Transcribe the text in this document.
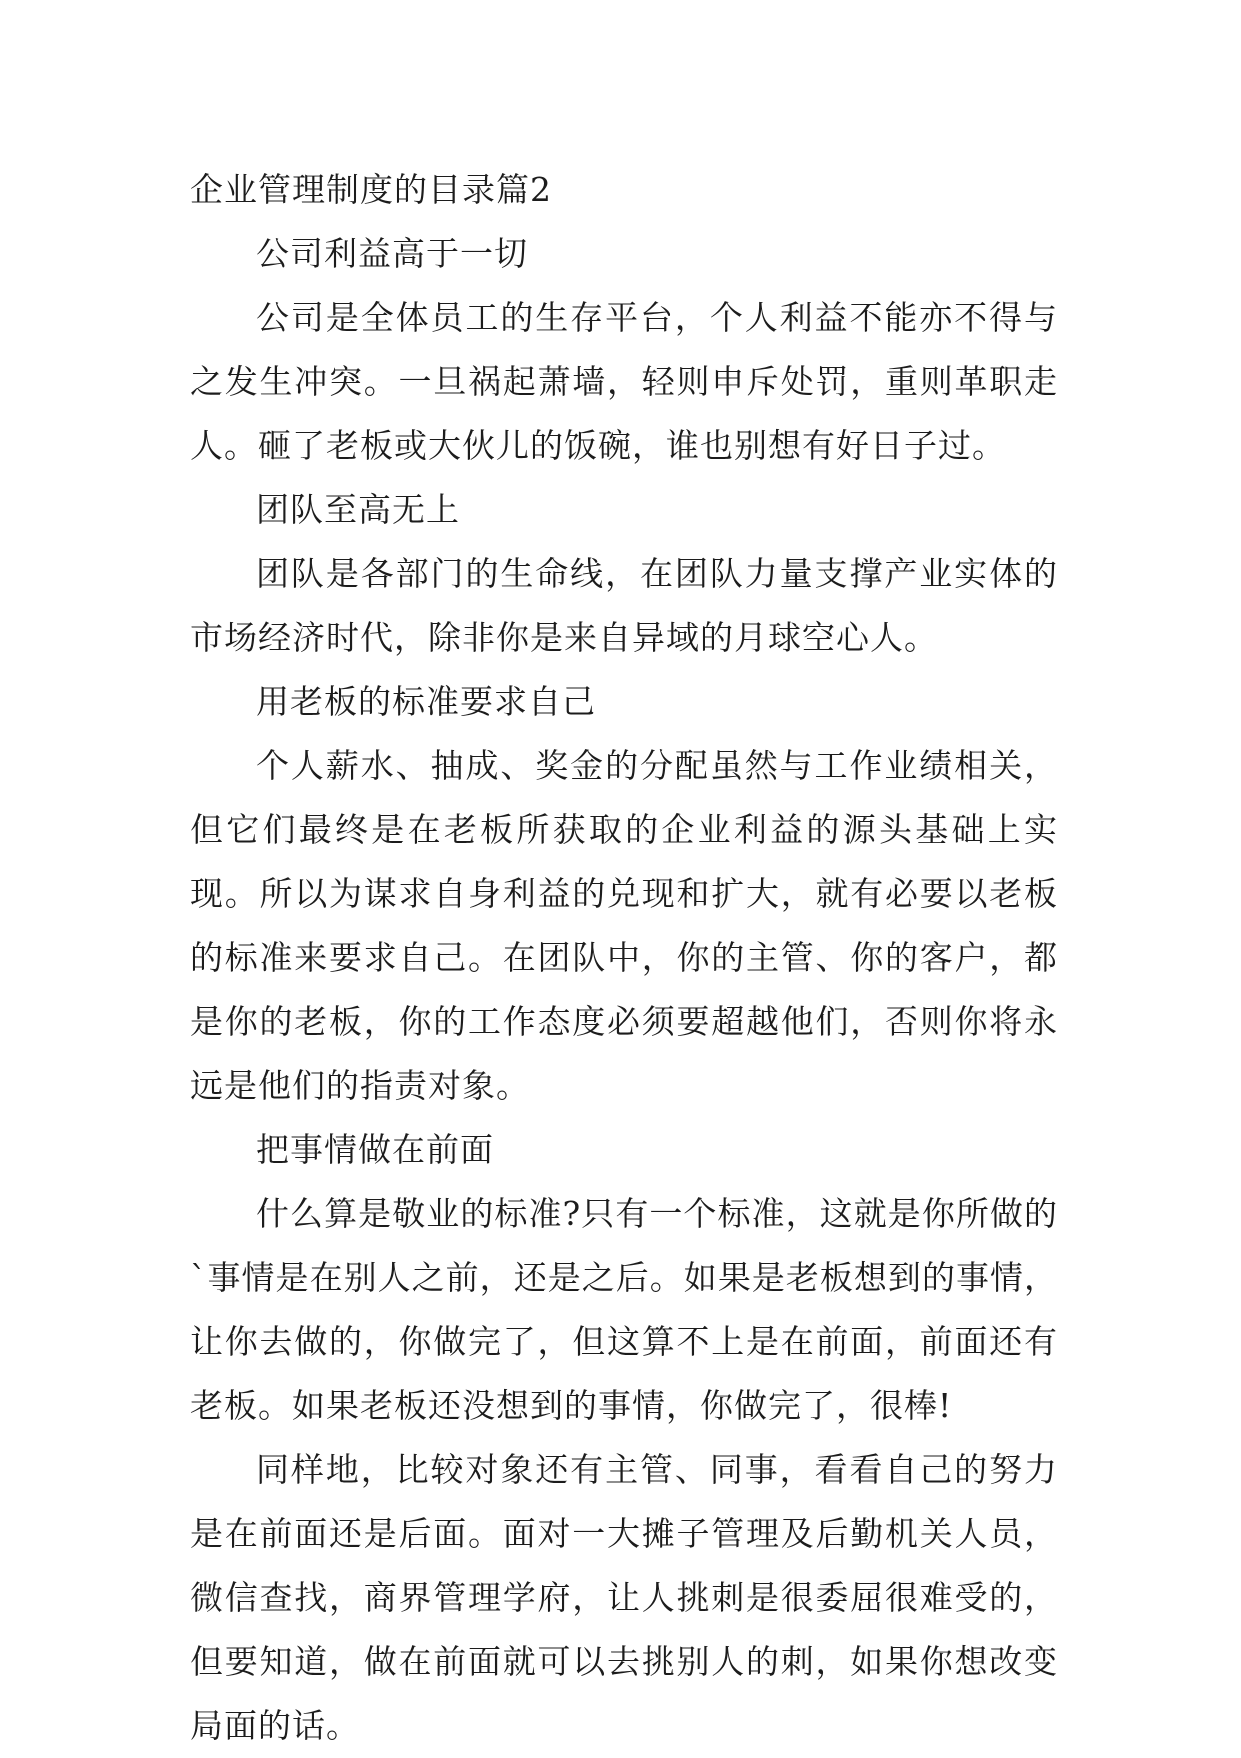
企业管理制度的目录篇2

公司利益高于一切

公司是全体员工的生存平台，个人利益不能亦不得与之发生冲突。一旦祸起萧墙，轻则申斥处罚，重则革职走人。砸了老板或大伙儿的饭碗，谁也别想有好日子过。

团队至高无上

团队是各部门的生命线，在团队力量支撑产业实体的市场经济时代，除非你是来自异域的月球空心人。

用老板的标准要求自己

个人薪水、抽成、奖金的分配虽然与工作业绩相关，但它们最终是在老板所获取的企业利益的源头基础上实现。所以为谋求自身利益的兑现和扩大，就有必要以老板的标准来要求自己。在团队中，你的主管、你的客户，都是你的老板，你的工作态度必须要超越他们，否则你将永远是他们的指责对象。

把事情做在前面

什么算是敬业的标准?只有一个标准，这就是你所做的`事情是在别人之前，还是之后。如果是老板想到的事情，让你去做的，你做完了，但这算不上是在前面，前面还有老板。如果老板还没想到的事情，你做完了，很棒!

同样地，比较对象还有主管、同事，看看自己的努力是在前面还是后面。面对一大摊子管理及后勤机关人员，微信查找，商界管理学府，让人挑刺是很委屈很难受的，但要知道，做在前面就可以去挑别人的刺，如果你想改变局面的话。
